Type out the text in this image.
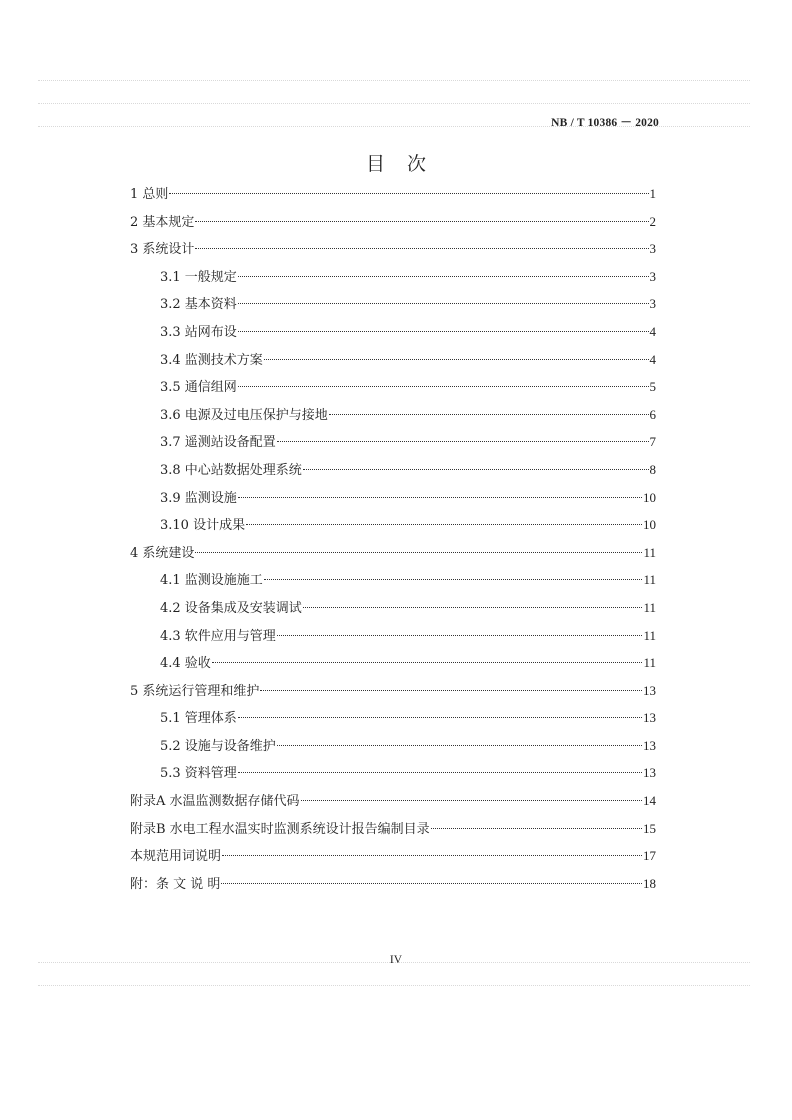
NB / T 10386 － 2020
目次
1 总则	1
2 基本规定	2
3 系统设计	3
3.1 一般规定	3
3.2 基本资料	3
3.3 站网布设	4
3.4 监测技术方案	4
3.5 通信组网	5
3.6 电源及过电压保护与接地	6
3.7 遥测站设备配置	7
3.8 中心站数据处理系统	8
3.9 监测设施	10
3.10 设计成果	10
4 系统建设	11
4.1 监测设施施工	11
4.2 设备集成及安装调试	11
4.3 软件应用与管理	11
4.4 验收	11
5 系统运行管理和维护	13
5.1 管理体系	13
5.2 设施与设备维护	13
5.3 资料管理	13
附录A 水温监测数据存储代码	14
附录B 水电工程水温实时监测系统设计报告编制目录	15
本规范用词说明	17
附：条 文 说 明	18
IV
